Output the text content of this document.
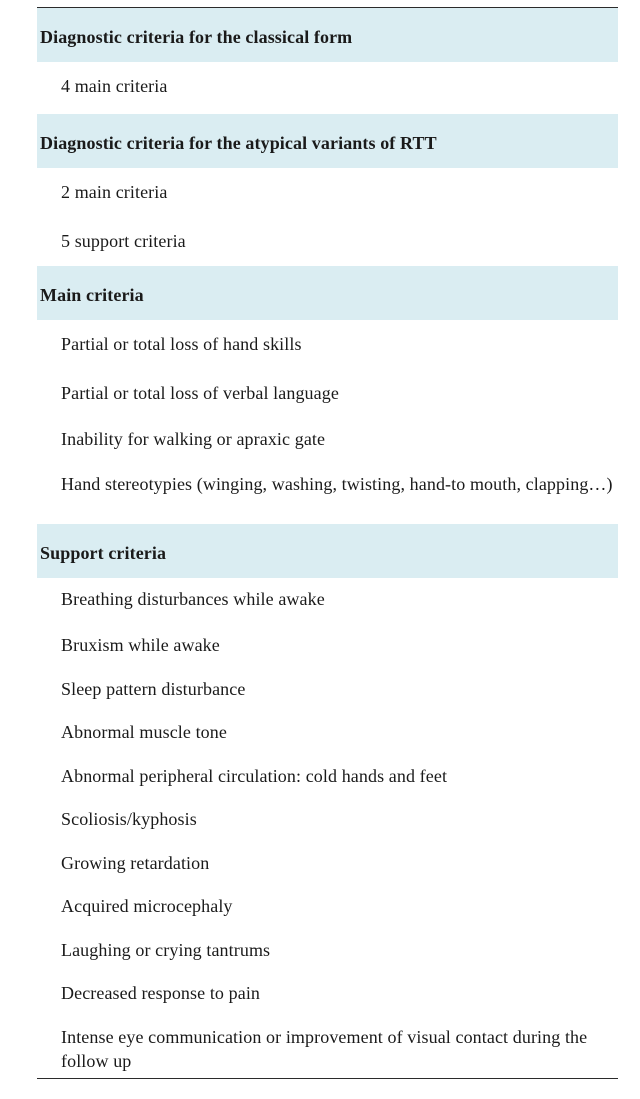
Diagnostic criteria for the classical form
4 main criteria
Diagnostic criteria for the atypical variants of RTT
2 main criteria
5 support criteria
Main criteria
Partial or total loss of hand skills
Partial or total loss of verbal language
Inability for walking or apraxic gate
Hand stereotypies (winging, washing, twisting, hand-to mouth, clapping…)
Support criteria
Breathing disturbances while awake
Bruxism while awake
Sleep pattern disturbance
Abnormal muscle tone
Abnormal peripheral circulation: cold hands and feet
Scoliosis/kyphosis
Growing retardation
Acquired microcephaly
Laughing or crying tantrums
Decreased response to pain
Intense eye communication or improvement of visual contact during the follow up
